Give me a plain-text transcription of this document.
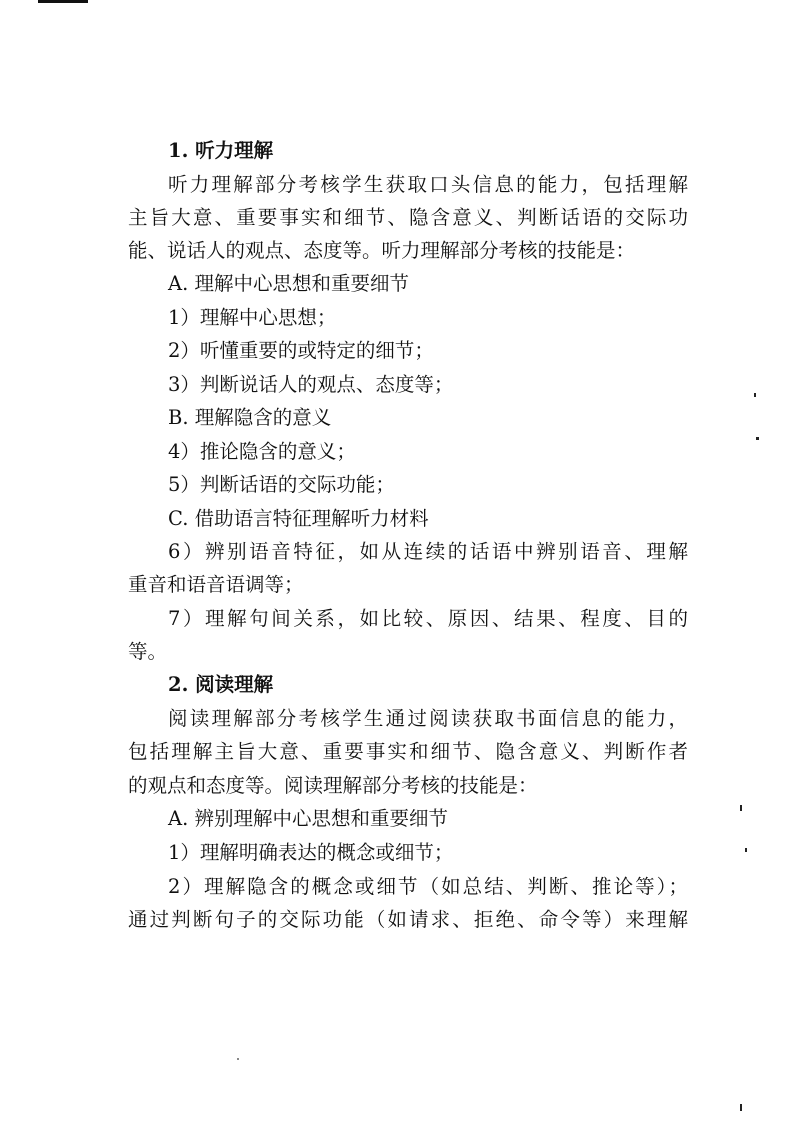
1. 听力理解
听力理解部分考核学生获取口头信息的能力，包括理解
主旨大意、重要事实和细节、隐含意义、判断话语的交际功
能、说话人的观点、态度等。听力理解部分考核的技能是：
A. 理解中心思想和重要细节
1）理解中心思想；
2）听懂重要的或特定的细节；
3）判断说话人的观点、态度等；
B. 理解隐含的意义
4）推论隐含的意义；
5）判断话语的交际功能；
C. 借助语言特征理解听力材料
6）辨别语音特征，如从连续的话语中辨别语音、理解
重音和语音语调等；
7）理解句间关系，如比较、原因、结果、程度、目的
等。
2. 阅读理解
阅读理解部分考核学生通过阅读获取书面信息的能力，
包括理解主旨大意、重要事实和细节、隐含意义、判断作者
的观点和态度等。阅读理解部分考核的技能是：
A. 辨别理解中心思想和重要细节
1）理解明确表达的概念或细节；
2）理解隐含的概念或细节（如总结、判断、推论等）；
通过判断句子的交际功能（如请求、拒绝、命令等）来理解
